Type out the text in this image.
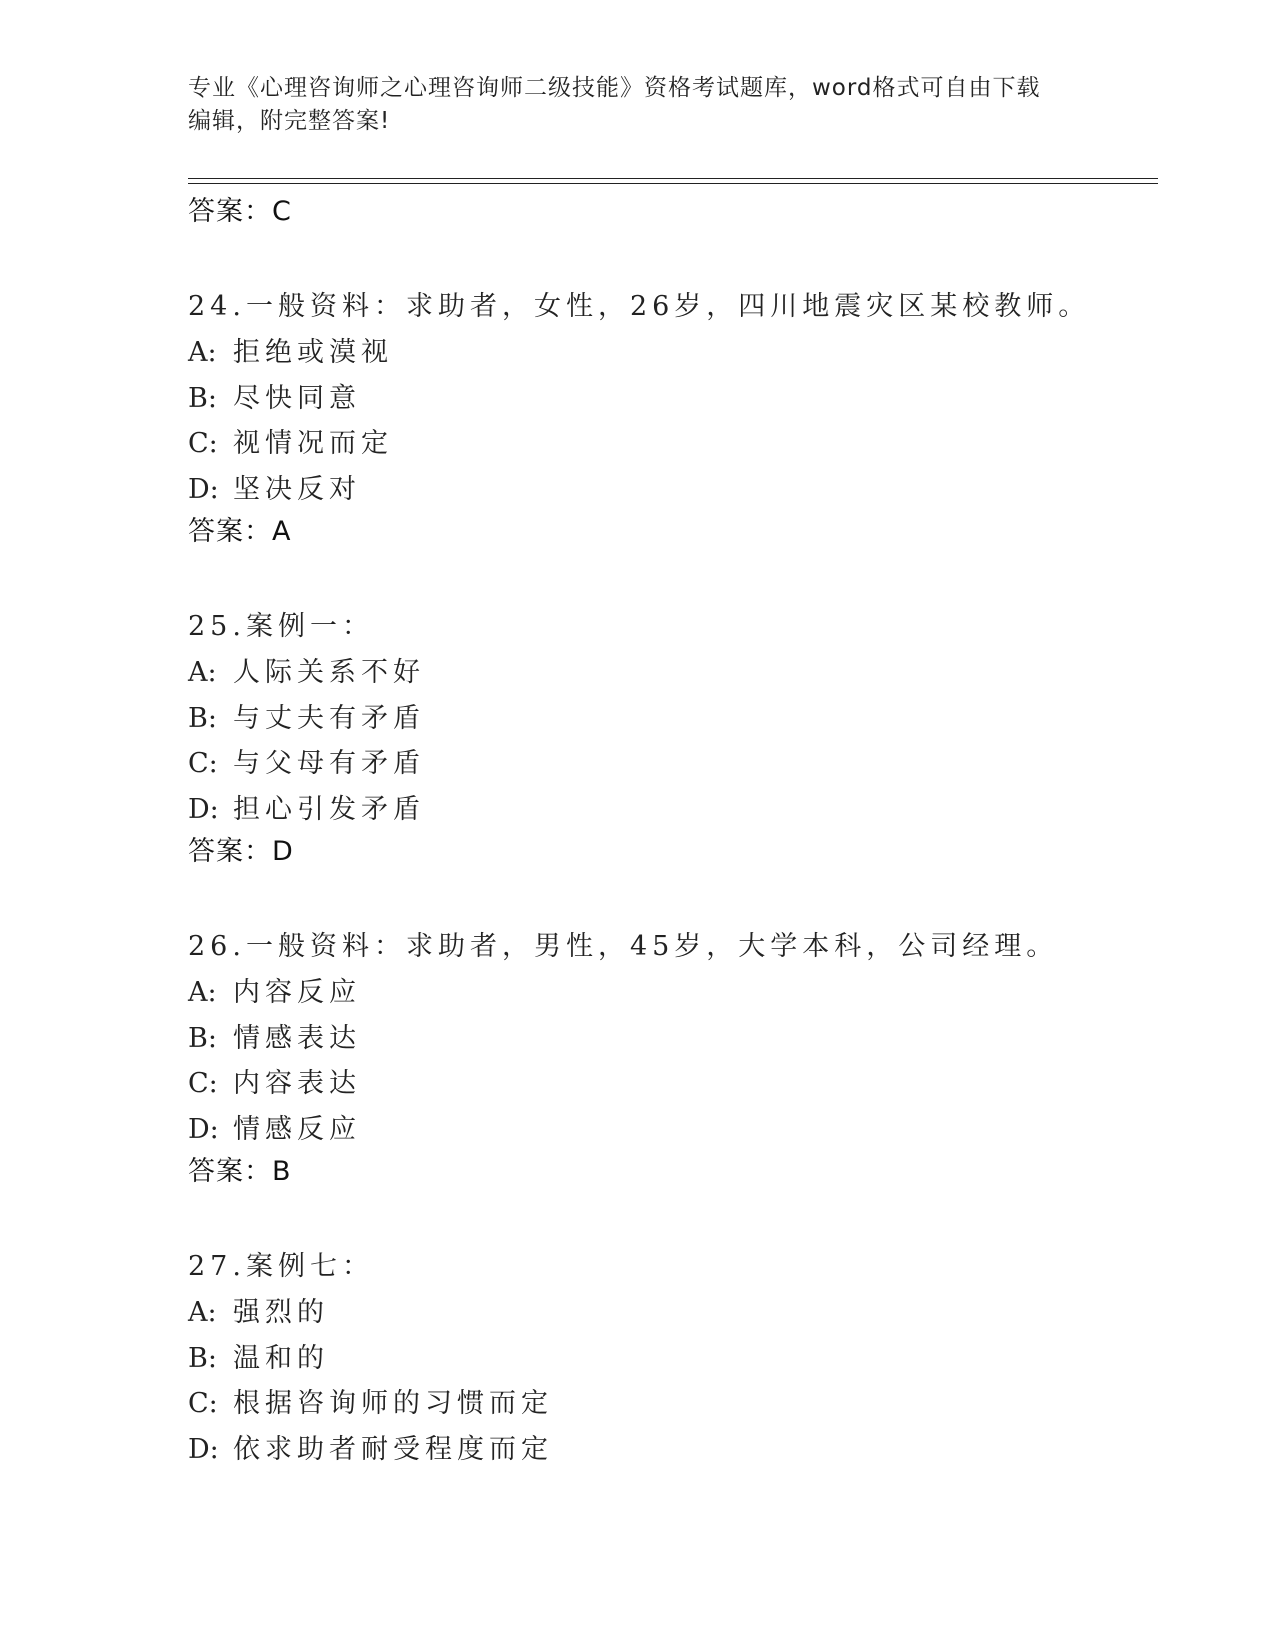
专业《心理咨询师之心理咨询师二级技能》资格考试题库，word格式可自由下载
编辑，附完整答案!
答案：C
24.一般资料：求助者，女性，26岁，四川地震灾区某校教师。
A: 拒绝或漠视
B: 尽快同意
C: 视情况而定
D: 坚决反对
答案：A
25.案例一：
A: 人际关系不好
B: 与丈夫有矛盾
C: 与父母有矛盾
D: 担心引发矛盾
答案：D
26.一般资料：求助者，男性，45岁，大学本科，公司经理。
A: 内容反应
B: 情感表达
C: 内容表达
D: 情感反应
答案：B
27.案例七：
A: 强烈的
B: 温和的
C: 根据咨询师的习惯而定
D: 依求助者耐受程度而定
